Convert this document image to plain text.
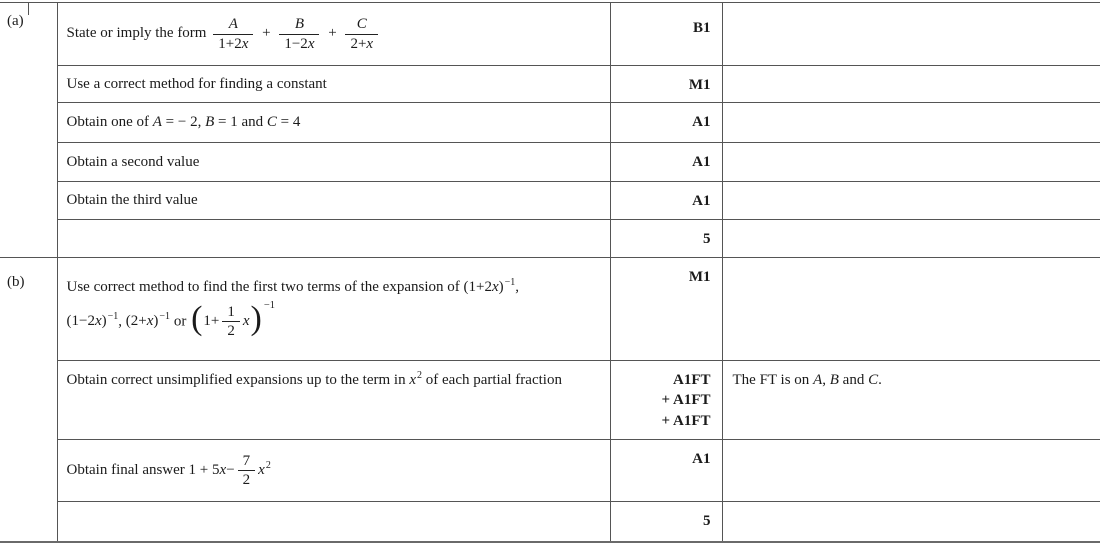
(a)	State or imply the form $\frac{A}{1+2x} + \frac{B}{1-2x} + \frac{C}{2+x}$	B1	
	Use a correct method for finding a constant	M1	
	Obtain one of A = − 2, B = 1 and C = 4	A1	
	Obtain a second value	A1	
	Obtain the third value	A1	
		5	
(b)	Use correct method to find the first two terms of the expansion of $(1+2x)^{-1}$,
$(1-2x)^{-1}$, $(2+x)^{-1}$ or $(1+ \frac{1}{2} x)$ $^{-1}$	M1	
	Obtain correct unsimplified expansions up to the term in $x^2$ of each partial fraction	A1FT
+ A1FT
+ A1FT	The FT is on A, B and C.
	Obtain final answer $1 + 5x- \frac{7}{2} x^2$	A1	
		5	
